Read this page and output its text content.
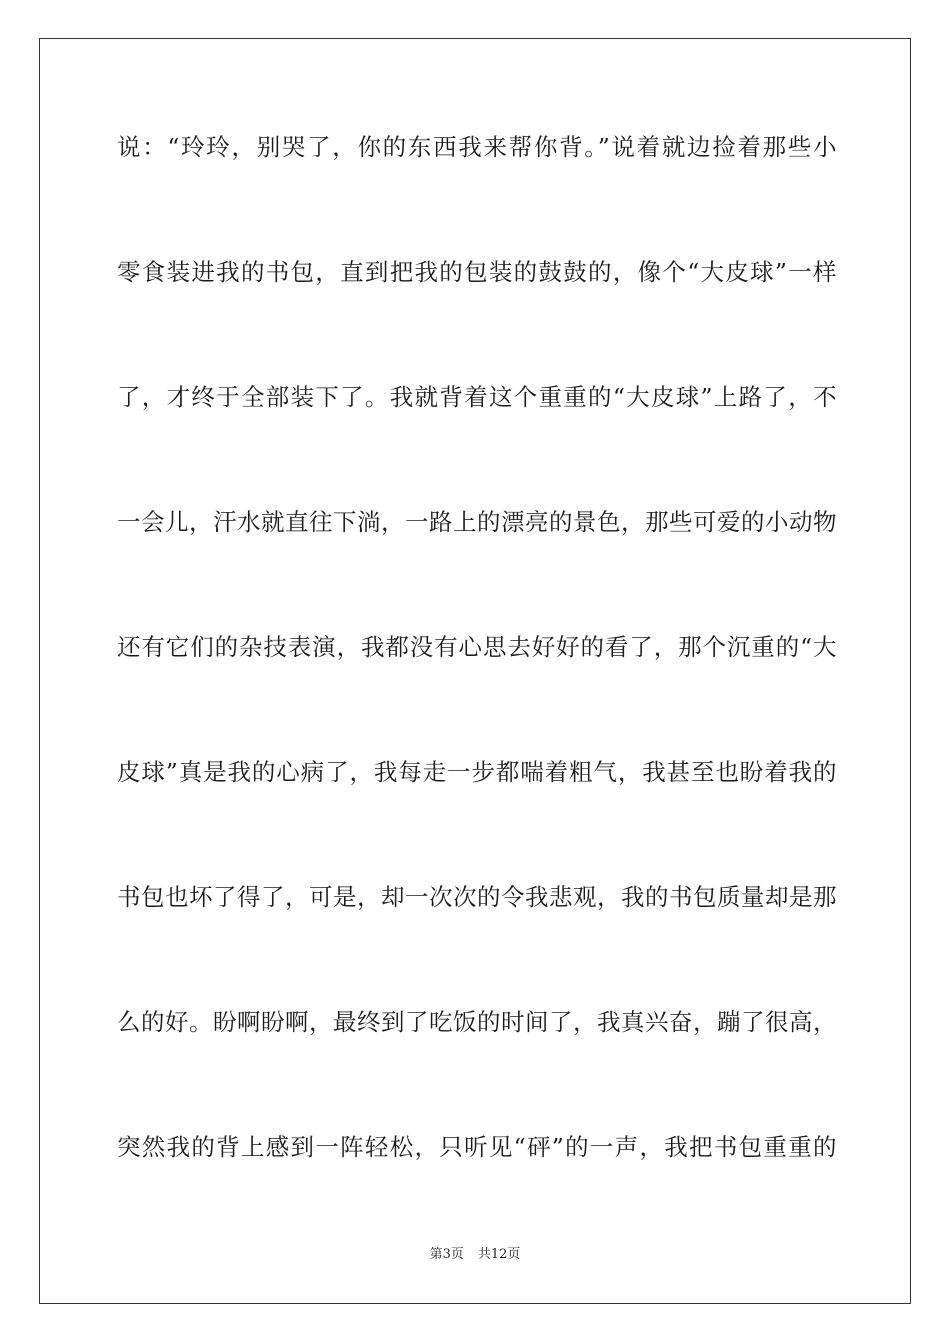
说：“玲玲，别哭了，你的东西我来帮你背。”说着就边捡着那些小
零食装进我的书包，直到把我的包装的鼓鼓的，像个“大皮球”一样
了，才终于全部装下了。我就背着这个重重的“大皮球”上路了，不
一会儿，汗水就直往下淌，一路上的漂亮的景色，那些可爱的小动物
还有它们的杂技表演，我都没有心思去好好的看了，那个沉重的“大
皮球”真是我的心病了，我每走一步都喘着粗气，我甚至也盼着我的
书包也坏了得了，可是，却一次次的令我悲观，我的书包质量却是那
么的好。盼啊盼啊，最终到了吃饭的时间了，我真兴奋，蹦了很高，
突然我的背上感到一阵轻松，只听见“砰”的一声，我把书包重重的
第3页 共12页
